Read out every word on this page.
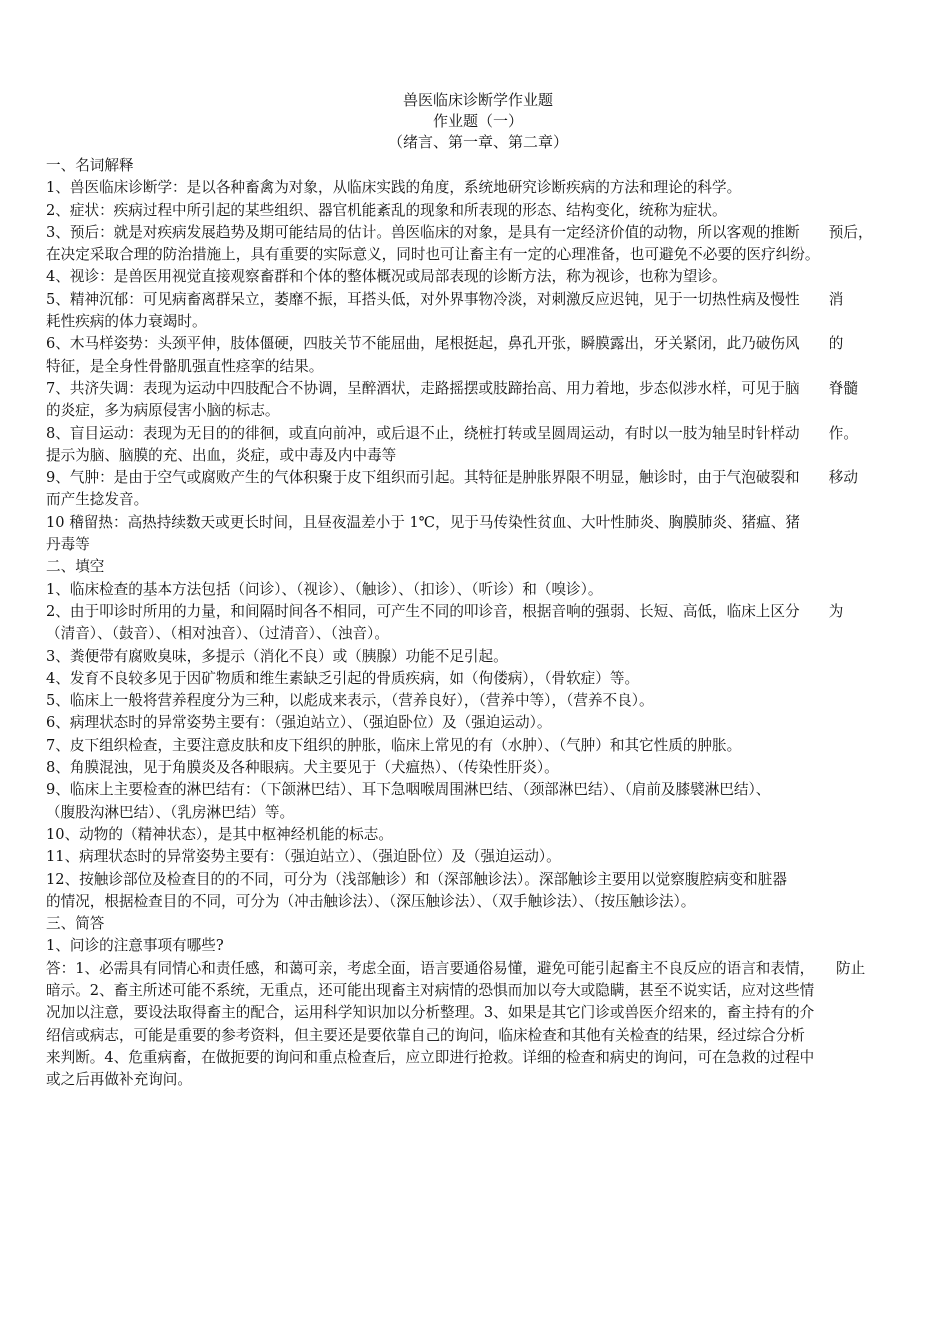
兽医临床诊断学作业题
作业题（一）
（绪言、第一章、第二章）
一、名词解释
1、兽医临床诊断学：是以各种畜禽为对象，从临床实践的角度，系统地研究诊断疾病的方法和理论的科学。
2、症状：疾病过程中所引起的某些组织、器官机能紊乱的现象和所表现的形态、结构变化，统称为症状。
3、预后：就是对疾病发展趋势及期可能结局的估计。兽医临床的对象，是具有一定经济价值的动物，所以客观的推断　　预后，
在决定采取合理的防治措施上，具有重要的实际意义，同时也可让畜主有一定的心理准备，也可避免不必要的医疗纠纷。
4、视诊：是兽医用视觉直接观察畜群和个体的整体概况或局部表现的诊断方法，称为视诊，也称为望诊。
5、精神沉郁：可见病畜离群呆立，萎靡不振，耳搭头低，对外界事物冷淡，对刺激反应迟钝，见于一切热性病及慢性　　消
耗性疾病的体力衰竭时。
6、木马样姿势：头颈平伸，肢体僵硬，四肢关节不能屈曲，尾根挺起，鼻孔开张，瞬膜露出，牙关紧闭，此乃破伤风　　的
特征，是全身性骨骼肌强直性痉挛的结果。
7、共济失调：表现为运动中四肢配合不协调，呈醉酒状，走路摇摆或肢蹄抬高、用力着地，步态似涉水样，可见于脑　　脊髓
的炎症，多为病原侵害小脑的标志。
8、盲目运动：表现为无目的的徘徊，或直向前冲，或后退不止，绕桩打转或呈圆周运动，有时以一肢为轴呈时针样动　　作。
提示为脑、脑膜的充、出血，炎症，或中毒及内中毒等
9、气肿：是由于空气或腐败产生的气体积聚于皮下组织而引起。其特征是肿胀界限不明显，触诊时，由于气泡破裂和　　移动
而产生捻发音。
10 稽留热：高热持续数天或更长时间，且昼夜温差小于 1℃，见于马传染性贫血、大叶性肺炎、胸膜肺炎、猪瘟、猪
丹毒等
二、填空
1、临床检查的基本方法包括（问诊）、（视诊）、（触诊）、（扣诊）、（听诊）和（嗅诊）。
2、由于叩诊时所用的力量，和间隔时间各不相同，可产生不同的叩诊音，根据音响的强弱、长短、高低，临床上区分　　为
（清音）、（鼓音）、（相对浊音）、（过清音）、（浊音）。
3、粪便带有腐败臭味，多提示（消化不良）或（胰腺）功能不足引起。
4、发育不良较多见于因矿物质和维生素缺乏引起的骨质疾病，如（佝偻病），（骨软症）等。
5、临床上一般将营养程度分为三种，以彪成来表示，（营养良好），（营养中等），（营养不良）。
6、病理状态时的异常姿势主要有：（强迫站立）、（强迫卧位）及（强迫运动）。
7、皮下组织检查，主要注意皮肤和皮下组织的肿胀，临床上常见的有（水肿）、（气肿）和其它性质的肿胀。
8、角膜混浊，见于角膜炎及各种眼病。犬主要见于（犬瘟热）、（传染性肝炎）。
9、临床上主要检查的淋巴结有：（下颌淋巴结）、耳下急咽喉周围淋巴结、（颈部淋巴结）、（肩前及膝襞淋巴结）、
（腹股沟淋巴结）、（乳房淋巴结）等。
10、动物的（精神状态），是其中枢神经机能的标志。
11、病理状态时的异常姿势主要有：（强迫站立）、（强迫卧位）及（强迫运动）。
12、按触诊部位及检查目的的不同，可分为（浅部触诊）和（深部触诊法）。深部触诊主要用以觉察腹腔病变和脏器
的情况，根据检查目的不同，可分为（冲击触诊法）、（深压触诊法）、（双手触诊法）、（按压触诊法）。
三、简答
1、问诊的注意事项有哪些?
答：1、必需具有同情心和责任感，和蔼可亲，考虑全面，语言要通俗易懂，避免可能引起畜主不良反应的语言和表情，　　防止
暗示。2、畜主所述可能不系统，无重点，还可能出现畜主对病情的恐惧而加以夸大或隐瞒，甚至不说实话，应对这些情
况加以注意，要设法取得畜主的配合，运用科学知识加以分析整理。3、如果是其它门诊或兽医介绍来的，畜主持有的介
绍信或病志，可能是重要的参考资料，但主要还是要依靠自己的询问，临床检查和其他有关检查的结果，经过综合分析
来判断。4、危重病畜，在做扼要的询问和重点检查后，应立即进行抢救。详细的检查和病史的询问，可在急救的过程中
或之后再做补充询问。
